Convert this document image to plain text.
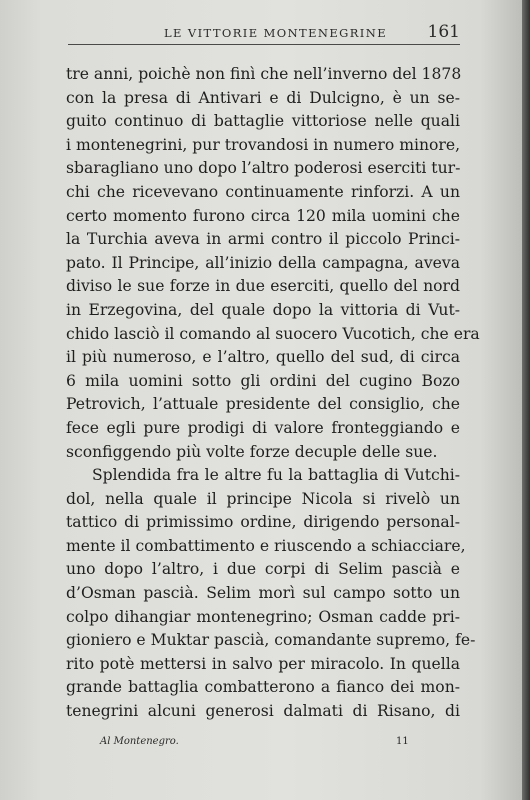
LE VITTORIE MONTENEGRINE 161
tre anni, poichè non finì che nell’inverno del 1878
con la presa di Antivari e di Dulcigno, è un se-
guito continuo di battaglie vittoriose nelle quali
i montenegrini, pur trovandosi in numero minore,
sbaragliano uno dopo l’altro poderosi eserciti tur-
chi che ricevevano continuamente rinforzi. A un
certo momento furono circa 120 mila uomini che
la Turchia aveva in armi contro il piccolo Princi-
pato. Il Principe, all’inizio della campagna, aveva
diviso le sue forze in due eserciti, quello del nord
in Erzegovina, del quale dopo la vittoria di Vut-
chido lasciò il comando al suocero Vucotich, che era
il più numeroso, e l’altro, quello del sud, di circa
6 mila uomini sotto gli ordini del cugino Bozo
Petrovich, l’attuale presidente del consiglio, che
fece egli pure prodigi di valore fronteggiando e
sconfiggendo più volte forze decuple delle sue.
Splendida fra le altre fu la battaglia di Vutchi-
dol, nella quale il principe Nicola si rivelò un
tattico di primissimo ordine, dirigendo personal-
mente il combattimento e riuscendo a schiacciare,
uno dopo l’altro, i due corpi di Selim pascià e
d’Osman pascià. Selim morì sul campo sotto un
colpo dihangiar montenegrino; Osman cadde pri-
gioniero e Muktar pascià, comandante supremo, fe-
rito potè mettersi in salvo per miracolo. In quella
grande battaglia combatterono a fianco dei mon-
tenegrini alcuni generosi dalmati di Risano, di
Al Montenegro.	11
